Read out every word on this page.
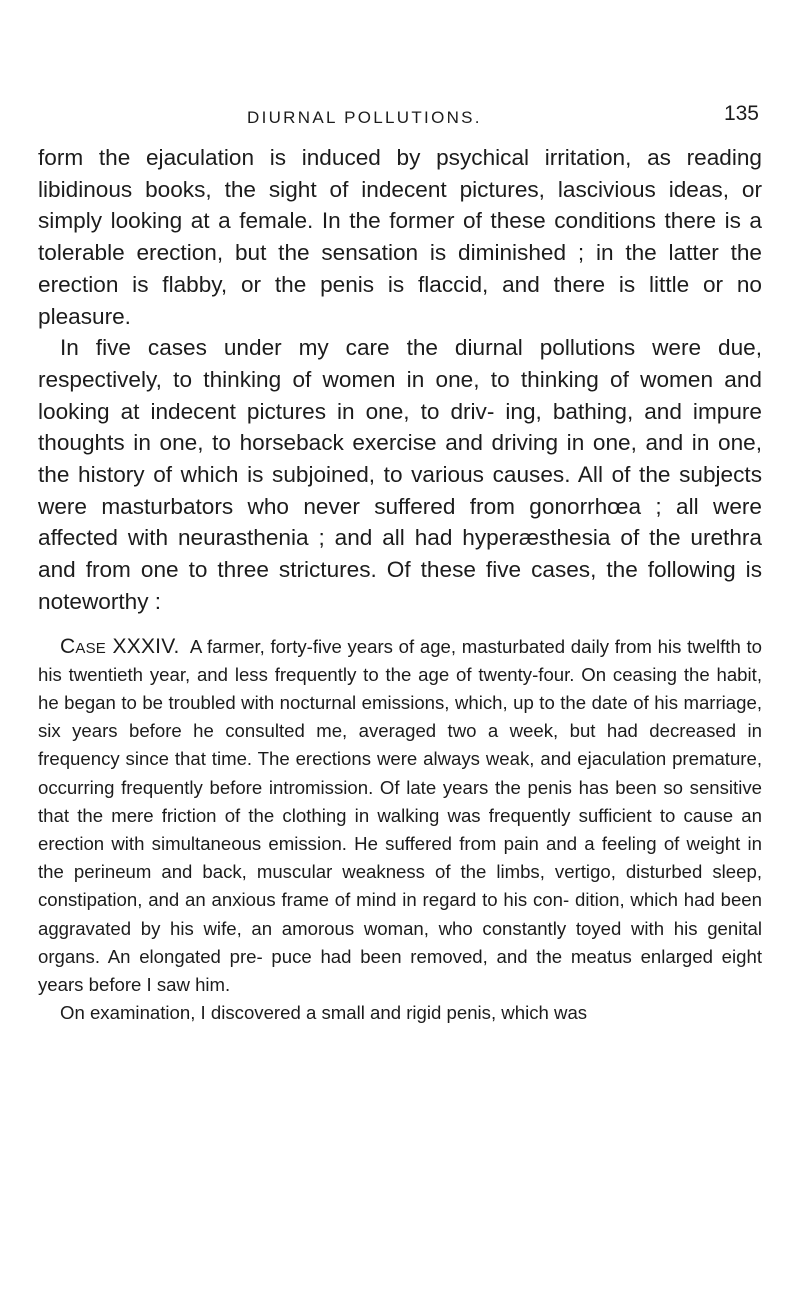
DIURNAL POLLUTIONS.	135

form the ejaculation is induced by psychical irritation, as reading libidinous books, the sight of indecent pictures, lascivious ideas, or simply looking at a female. In the former of these conditions there is a tolerable erection, but the sensation is diminished ; in the latter the erection is flabby, or the penis is flaccid, and there is little or no pleasure.

In five cases under my care the diurnal pollutions were due, respectively, to thinking of women in one, to thinking of women and looking at indecent pictures in one, to driv- ing, bathing, and impure thoughts in one, to horseback exercise and driving in one, and in one, the history of which is subjoined, to various causes. All of the subjects were masturbators who never suffered from gonorrhœa ; all were affected with neurasthenia ; and all had hyperæsthesia of the urethra and from one to three strictures. Of these five cases, the following is noteworthy :

Case XXXIV. A farmer, forty-five years of age, masturbated daily from his twelfth to his twentieth year, and less frequently to the age of twenty-four. On ceasing the habit, he began to be troubled with nocturnal emissions, which, up to the date of his marriage, six years before he consulted me, averaged two a week, but had decreased in frequency since that time. The erections were always weak, and ejaculation premature, occurring frequently before intromission. Of late years the penis has been so sensitive that the mere friction of the clothing in walking was frequently sufficient to cause an erection with simultaneous emission. He suffered from pain and a feeling of weight in the perineum and back, muscular weakness of the limbs, vertigo, disturbed sleep, constipation, and an anxious frame of mind in regard to his con- dition, which had been aggravated by his wife, an amorous woman, who constantly toyed with his genital organs. An elongated pre- puce had been removed, and the meatus enlarged eight years before I saw him.

On examination, I discovered a small and rigid penis, which was
